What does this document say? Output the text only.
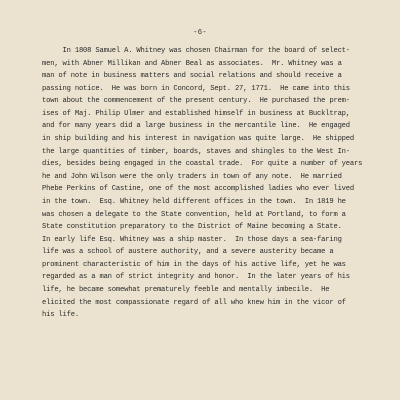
-6-
In 1808 Samuel A. Whitney was chosen Chairman for the board of select-
men, with Abner Millikan and Abner Beal as associates.  Mr. Whitney was a
man of note in business matters and social relations and should receive a
passing notice.  He was born in Concord, Sept. 27, 1771.  He came into this
town about the commencement of the present century.  He purchased the prem-
ises of Maj. Philip Ulmer and established himself in business at Buckltrap,
and for many years did a large business in the mercantile line.  He engaged
in ship building and his interest in navigation was quite large.  He shipped
the large quantities of timber, boards, staves and shingles to the West In-
dies, besides being engaged in the coastal trade.  For quite a number of years
he and John Wilson were the only traders in town of any note.  He married
Phebe Perkins of Castine, one of the most accomplished ladies who ever lived
in the town.  Esq. Whitney held different offices in the town.  In 1819 he
was chosen a delegate to the State convention, held at Portland, to form a
State constitution preparatory to the District of Maine becoming a State.
In early life Esq. Whitney was a ship master.  In those days a sea-faring
life was a school of austere authority, and a severe austerity became a
prominent characteristic of him in the days of his active life, yet he was
regarded as a man of strict integrity and honor.  In the later years of his
life, he became somewhat prematurely feeble and mentally imbecile.  He
elicited the most compassionate regard of all who knew him in the vicor of
his life.
